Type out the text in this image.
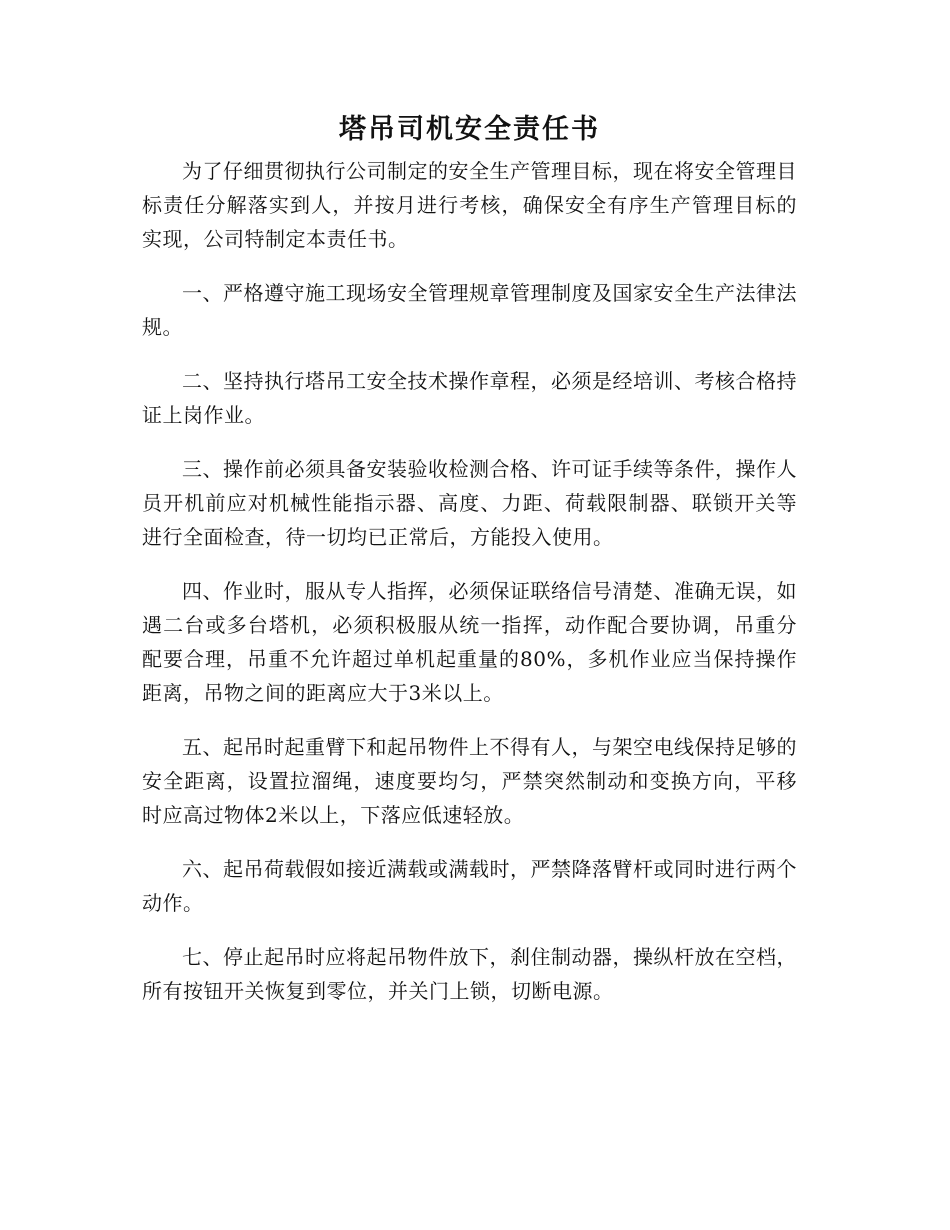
塔吊司机安全责任书

为了仔细贯彻执行公司制定的安全生产管理目标，现在将安全管理目标责任分解落实到人，并按月进行考核，确保安全有序生产管理目标的实现，公司特制定本责任书。

一、严格遵守施工现场安全管理规章管理制度及国家安全生产法律法规。

二、坚持执行塔吊工安全技术操作章程，必须是经培训、考核合格持证上岗作业。

三、操作前必须具备安装验收检测合格、许可证手续等条件，操作人员开机前应对机械性能指示器、高度、力距、荷载限制器、联锁开关等进行全面检查，待一切均已正常后，方能投入使用。

四、作业时，服从专人指挥，必须保证联络信号清楚、准确无误，如遇二台或多台塔机，必须积极服从统一指挥，动作配合要协调，吊重分配要合理，吊重不允许超过单机起重量的80%，多机作业应当保持操作距离，吊物之间的距离应大于3米以上。

五、起吊时起重臂下和起吊物件上不得有人，与架空电线保持足够的安全距离，设置拉溜绳，速度要均匀，严禁突然制动和变换方向，平移时应高过物体2米以上，下落应低速轻放。

六、起吊荷载假如接近满载或满载时，严禁降落臂杆或同时进行两个动作。

七、停止起吊时应将起吊物件放下，刹住制动器，操纵杆放在空档，所有按钮开关恢复到零位，并关门上锁，切断电源。
